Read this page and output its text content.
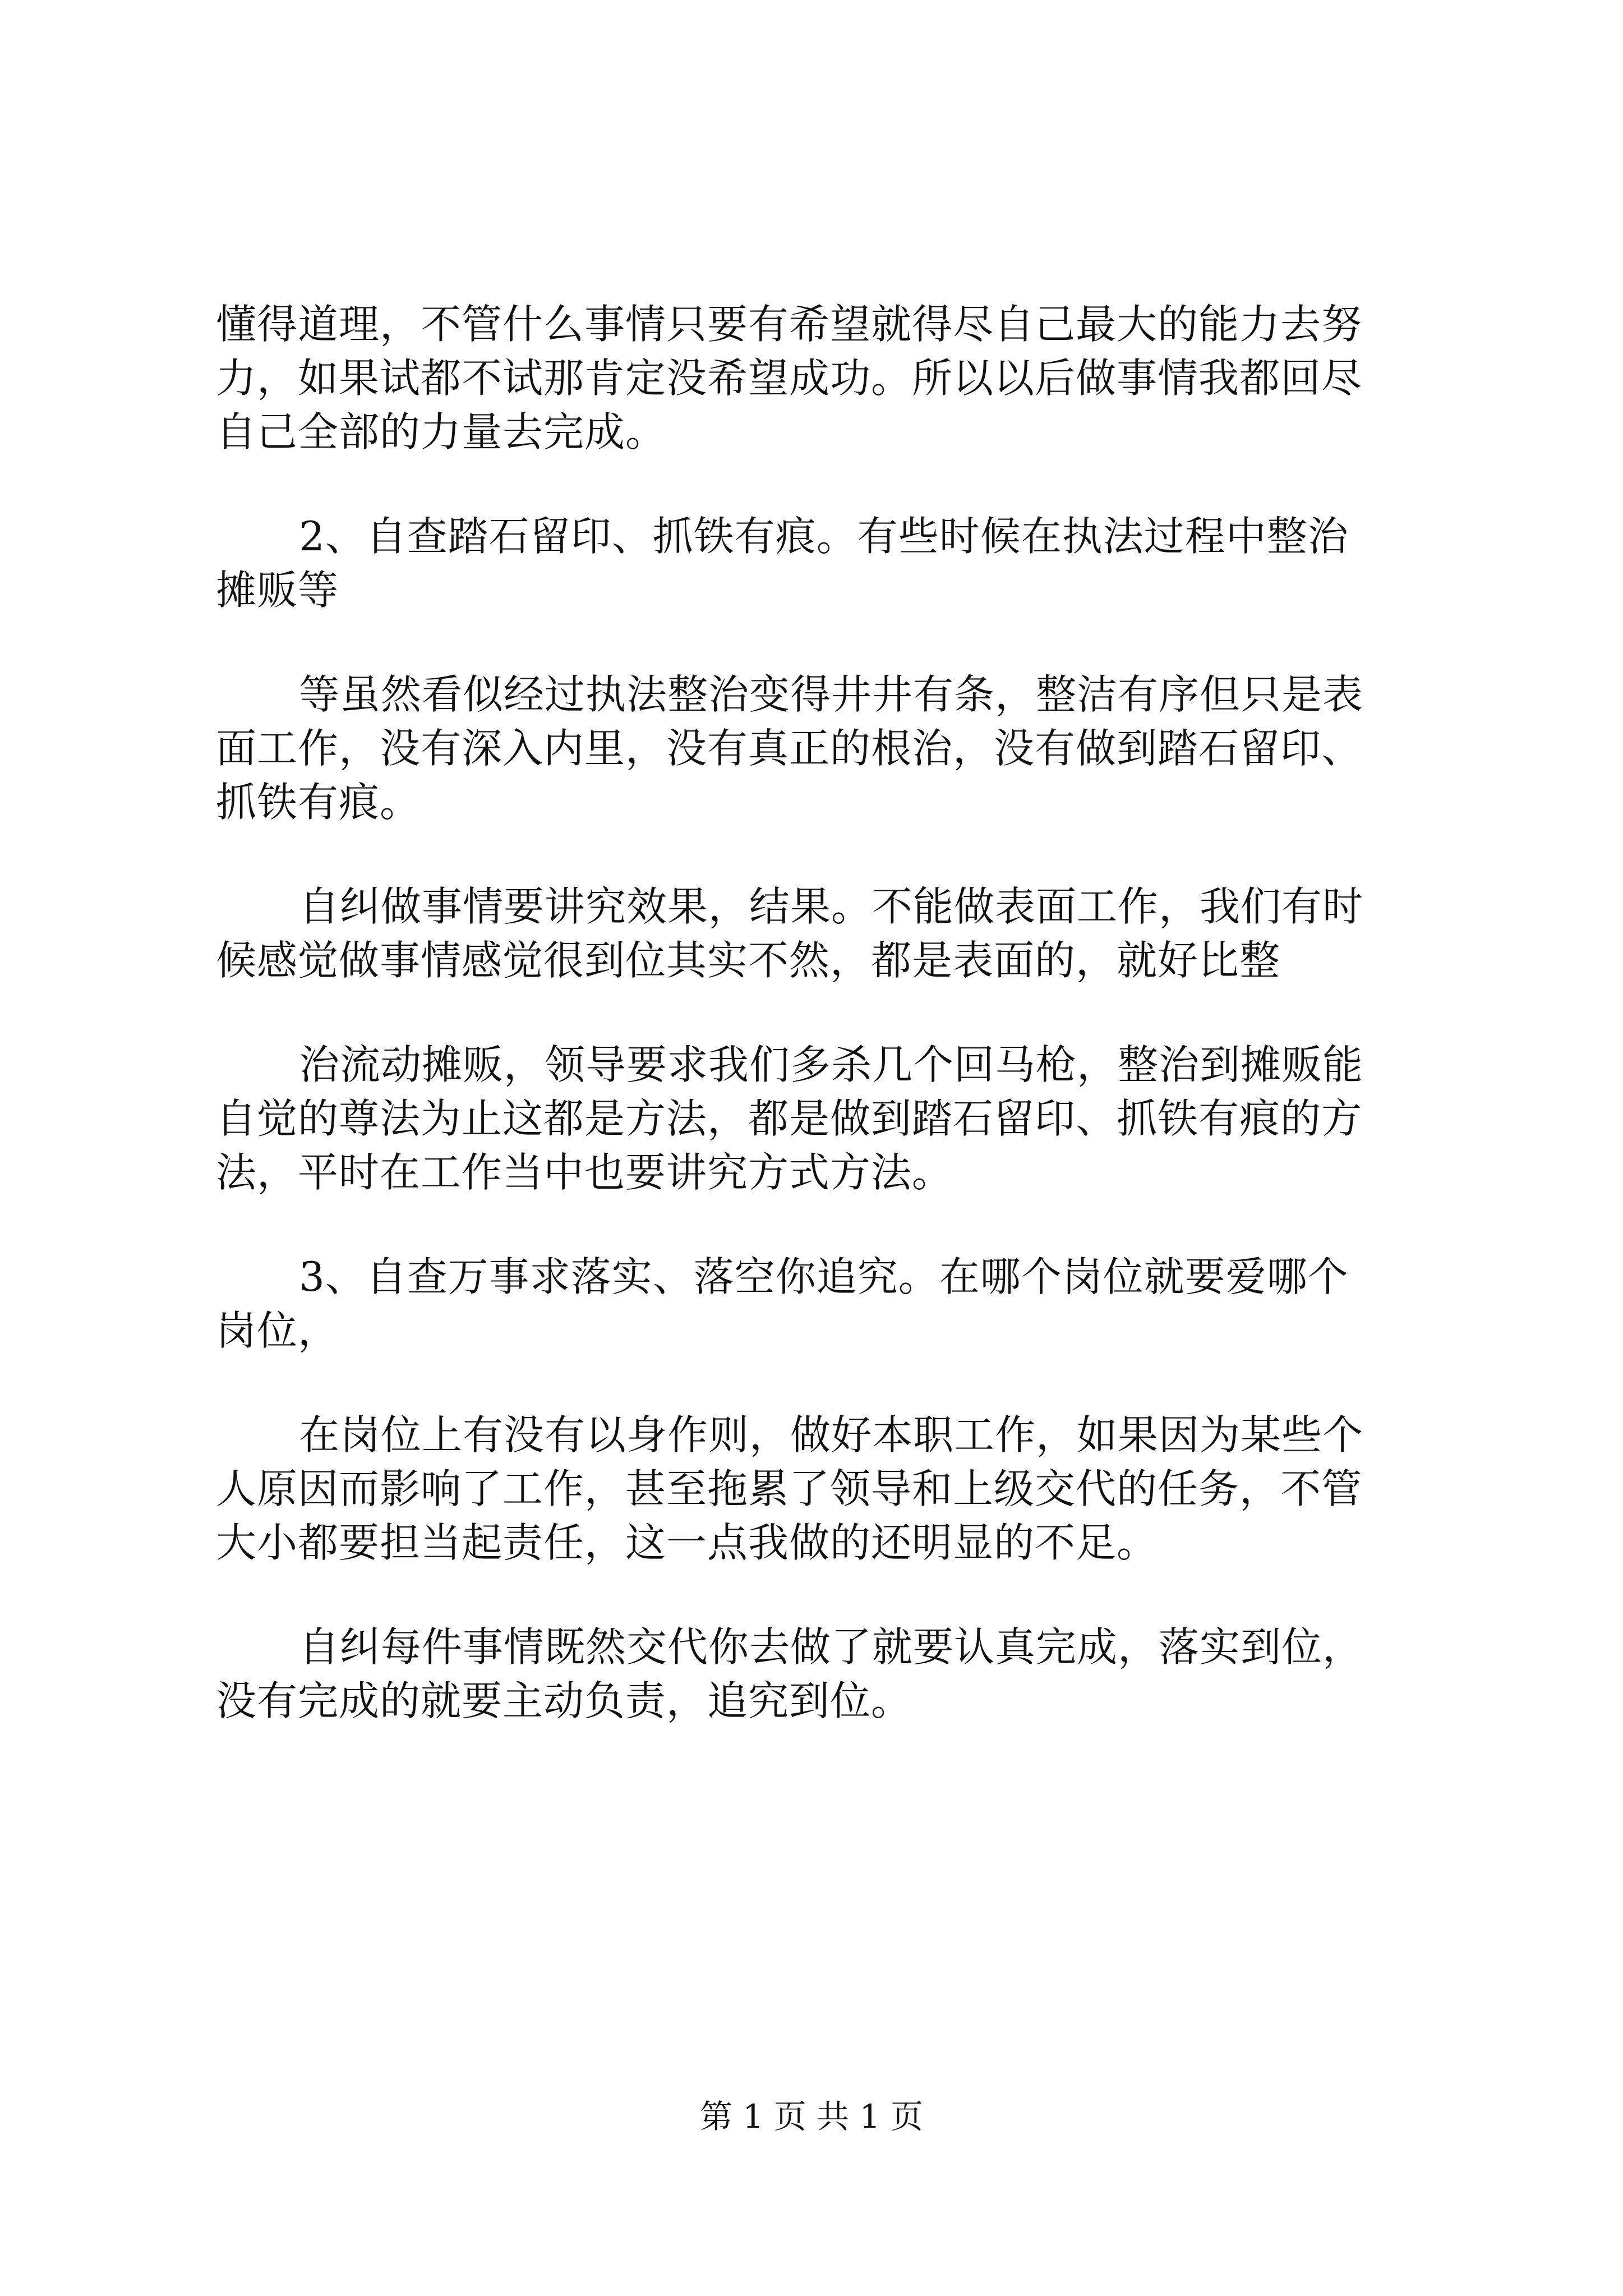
懂得道理，不管什么事情只要有希望就得尽自己最大的能力去努
力，如果试都不试那肯定没希望成功。所以以后做事情我都回尽
自己全部的力量去完成。
2、自查踏石留印、抓铁有痕。有些时候在执法过程中整治
摊贩等
等虽然看似经过执法整治变得井井有条，整洁有序但只是表
面工作，没有深入内里，没有真正的根治，没有做到踏石留印、
抓铁有痕。
自纠做事情要讲究效果，结果。不能做表面工作，我们有时
候感觉做事情感觉很到位其实不然，都是表面的，就好比整
治流动摊贩，领导要求我们多杀几个回马枪，整治到摊贩能
自觉的尊法为止这都是方法，都是做到踏石留印、抓铁有痕的方
法，平时在工作当中也要讲究方式方法。
3、自查万事求落实、落空你追究。在哪个岗位就要爱哪个
岗位，
在岗位上有没有以身作则，做好本职工作，如果因为某些个
人原因而影响了工作，甚至拖累了领导和上级交代的任务，不管
大小都要担当起责任，这一点我做的还明显的不足。
自纠每件事情既然交代你去做了就要认真完成，落实到位，
没有完成的就要主动负责，追究到位。
第 1 页 共 1 页
